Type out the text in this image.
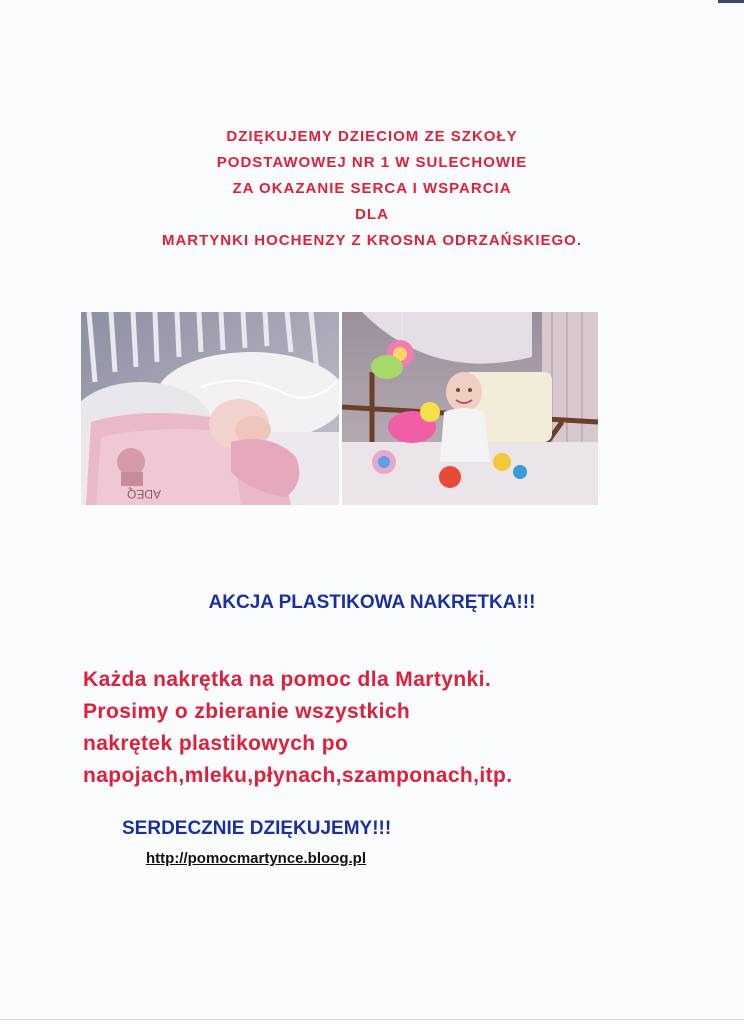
DZIĘKUJEMY DZIECIOM ZE SZKOŁY
PODSTAWOWEJ NR 1 W SULECHOWIE
ZA OKAZANIE SERCA I WSPARCIA
DLA
MARTYNKI HOCHENZY Z KROSNA ODRZAŃSKIEGO.
ADEQ
AKCJA PLASTIKOWA NAKRĘTKA!!!
Każda nakrętka na pomoc dla Martynki.
Prosimy o zbieranie wszystkich
nakrętek plastikowych po
napojach,mleku,płynach,szamponach,itp.
SERDECZNIE DZIĘKUJEMY!!!
http://pomocmartynce.bloog.pl
